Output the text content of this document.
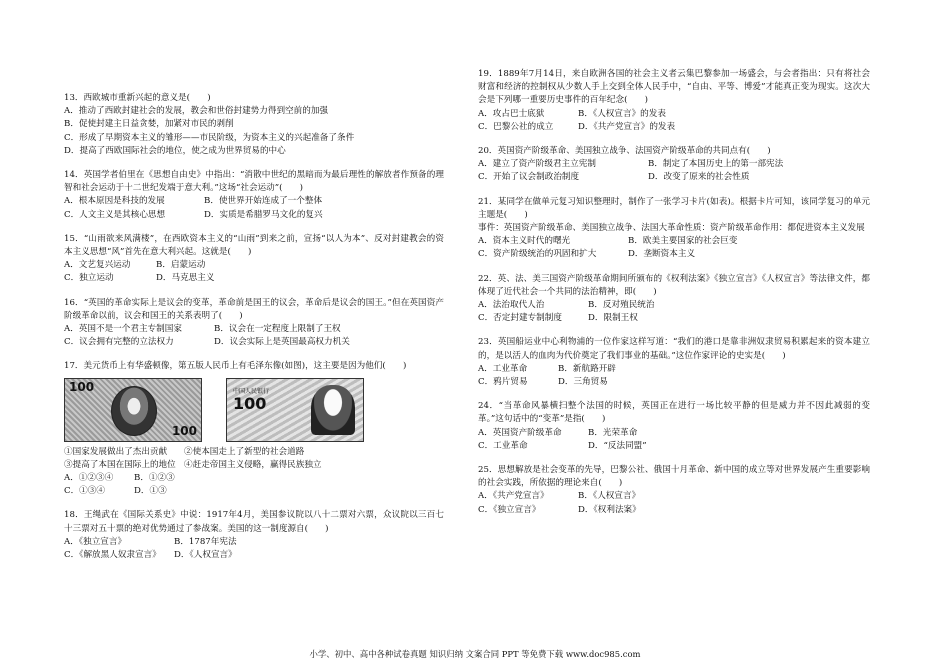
13．西欧城市重新兴起的意义是(　　)

A．推动了西欧封建社会的发展，教会和世俗封建势力得到空前的加强

B．促使封建主日益贪婪，加紧对市民的剥削

C．形成了早期资本主义的雏形——市民阶级，为资本主义的兴起准备了条件

D．提高了西欧国际社会的地位，使之成为世界贸易的中心

14．英国学者伯里在《思想自由史》中指出：“消散中世纪的黑暗而为最后理性的解放者作预备的理智和社会运动于十二世纪发端于意大利。”这场“社会运动”(　　)

A．根本原因是科技的发展	B．使世界开始连成了一个整体
C．人文主义是其核心思想	D．实质是希腊罗马文化的复兴

15．“山雨欲来风满楼”，在西欧资本主义的“山雨”到来之前，宣扬“以人为本”、反对封建教会的资本主义思想“风”首先在意大利兴起。这就是(　　)

A．文艺复兴运动	B．启蒙运动
C．独立运动	D．马克思主义

16．“英国的革命实际上是议会的变革，革命前是国王的议会，革命后是议会的国王。”但在英国资产阶级革命以前，议会和国王的关系表明了(　　)

A．英国不是一个君主专制国家	B．议会在一定程度上限制了王权
C．议会拥有完整的立法权力	D．议会实际上是英国最高权力机关

17．美元货币上有华盛顿像，第五版人民币上有毛泽东像(如图)，这主要是因为他们(　　)

100
100
中国人民银行
100
①国家发展做出了杰出贡献	②使本国走上了新型的社会道路
③提高了本国在国际上的地位 ④赶走帝国主义侵略，赢得民族独立
A．①②③④	B．①②③
C．①③④	D．①③

18．王绳武在《国际关系史》中说：1917年4月，美国参议院以八十二票对六票，众议院以三百七十三票对五十票的绝对优势通过了参战案。美国的这一制度源自(　　)

A．《独立宣言》	B．1787年宪法
C．《解放黑人奴隶宣言》	D．《人权宣言》

19．1889年7月14日，来自欧洲各国的社会主义者云集巴黎参加一场盛会，与会者指出：只有将社会财富和经济的控制权从少数人手上交到全体人民手中，“自由、平等、博爱”才能真正变为现实。这次大会是下列哪一重要历史事件的百年纪念(　　)

A．攻占巴士底狱	B．《人权宣言》的发表
C．巴黎公社的成立	D．《共产党宣言》的发表

20．英国资产阶级革命、美国独立战争、法国资产阶级革命的共同点有(　　)

A．建立了资产阶级君主立宪制	B．制定了本国历史上的第一部宪法
C．开始了议会制政治制度	D．改变了原来的社会性质

21．某同学在做单元复习知识整理时，制作了一张学习卡片(如表)。根据卡片可知，该同学复习的单元主题是(　　)

事件：英国资产阶级革命、美国独立战争、法国大革命性质：资产阶级革命作用：都促进资本主义发展

A．资本主义时代的曙光	B．欧美主要国家的社会巨变
C．资产阶级统治的巩固和扩大	D．垄断资本主义

22．英、法、美三国资产阶级革命期间所颁布的《权利法案》《独立宣言》《人权宣言》等法律文件，都体现了近代社会一个共同的法治精神，即(　　)

A．法治取代人治	B．反对殖民统治
C．否定封建专制制度	D．限制王权

23．英国船运业中心利物浦的一位作家这样写道：“我们的港口是靠非洲奴隶贸易积累起来的资本建立的，是以活人的血肉为代价奠定了我们事业的基础。”这位作家评论的史实是(　　)

A．工业革命	B．新航路开辟
C．鸦片贸易	D．三角贸易

24．“当革命风暴横扫整个法国的时候，英国正在进行一场比较平静的但是威力并不因此减弱的变革。”这句话中的“变革”是指(　　)

A．英国资产阶级革命	B．光荣革命
C．工业革命	D．“反法同盟”

25．思想解放是社会变革的先导，巴黎公社、俄国十月革命、新中国的成立等对世界发展产生重要影响的社会实践，所依据的理论来自(　　)

A．《共产党宣言》	B．《人权宣言》
C．《独立宣言》	D．《权利法案》
小学、初中、高中各种试卷真题 知识归纳 文案合同 PPT 等免费下载 www.doc985.com
